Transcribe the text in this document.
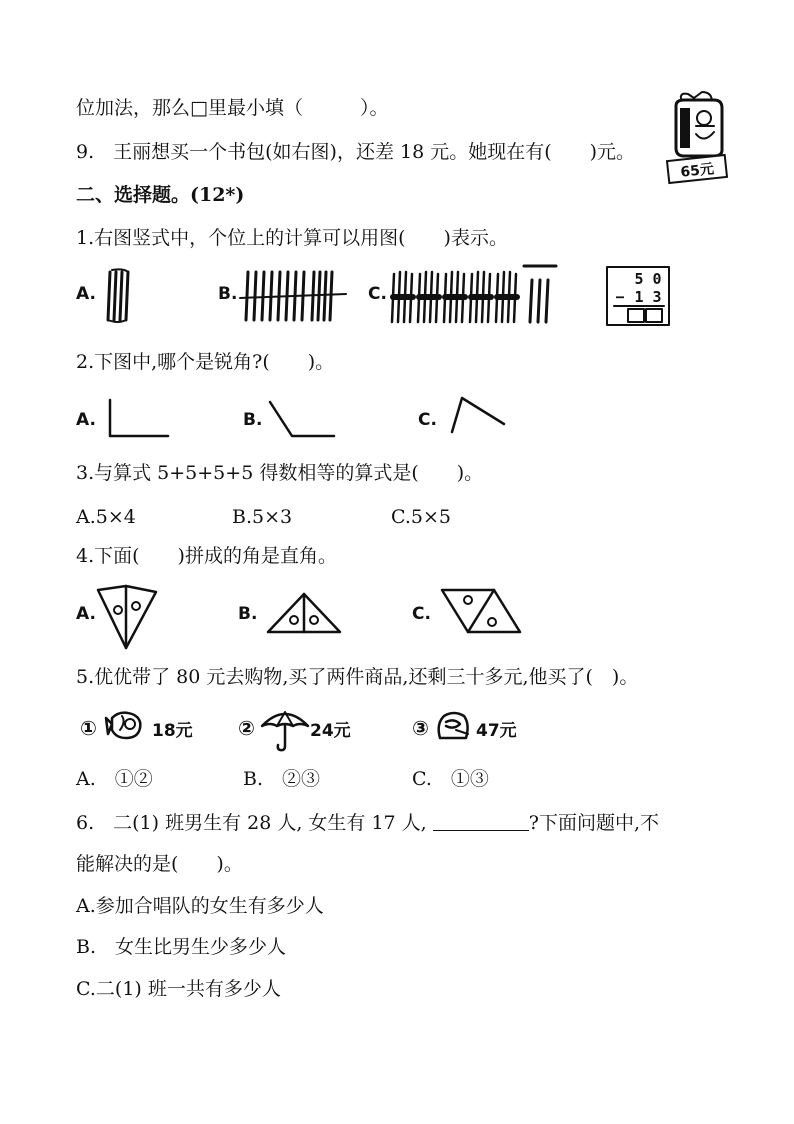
位加法，那么□里最小填（　　　）。
9.　王丽想买一个书包(如右图)，还差 18 元。她现在有(　　)元。
65元
二、选择题。(12*)
1.右图竖式中，个位上的计算可以用图(　　)表示。
A.	B.	C.
5 0
− 1 3
2.下图中,哪个是锐角?(　　)。
A.	B.	C.
3.与算式 5+5+5+5 得数相等的算式是(　　)。
A.5×4	B.5×3	C.5×5
4.下面(　　)拼成的角是直角。
A.	B.	C.
5.优优带了 80 元去购物,买了两件商品,还剩三十多元,他买了(　)。
①	18元 ②	24元	③	47元
A.　①②	B.　②③	C.　①③
6.　二(1) 班男生有 28 人, 女生有 17 人,	?下面问题中,不
能解决的是(　　)。
A.参加合唱队的女生有多少人
B.　女生比男生少多少人
C.二(1) 班一共有多少人
